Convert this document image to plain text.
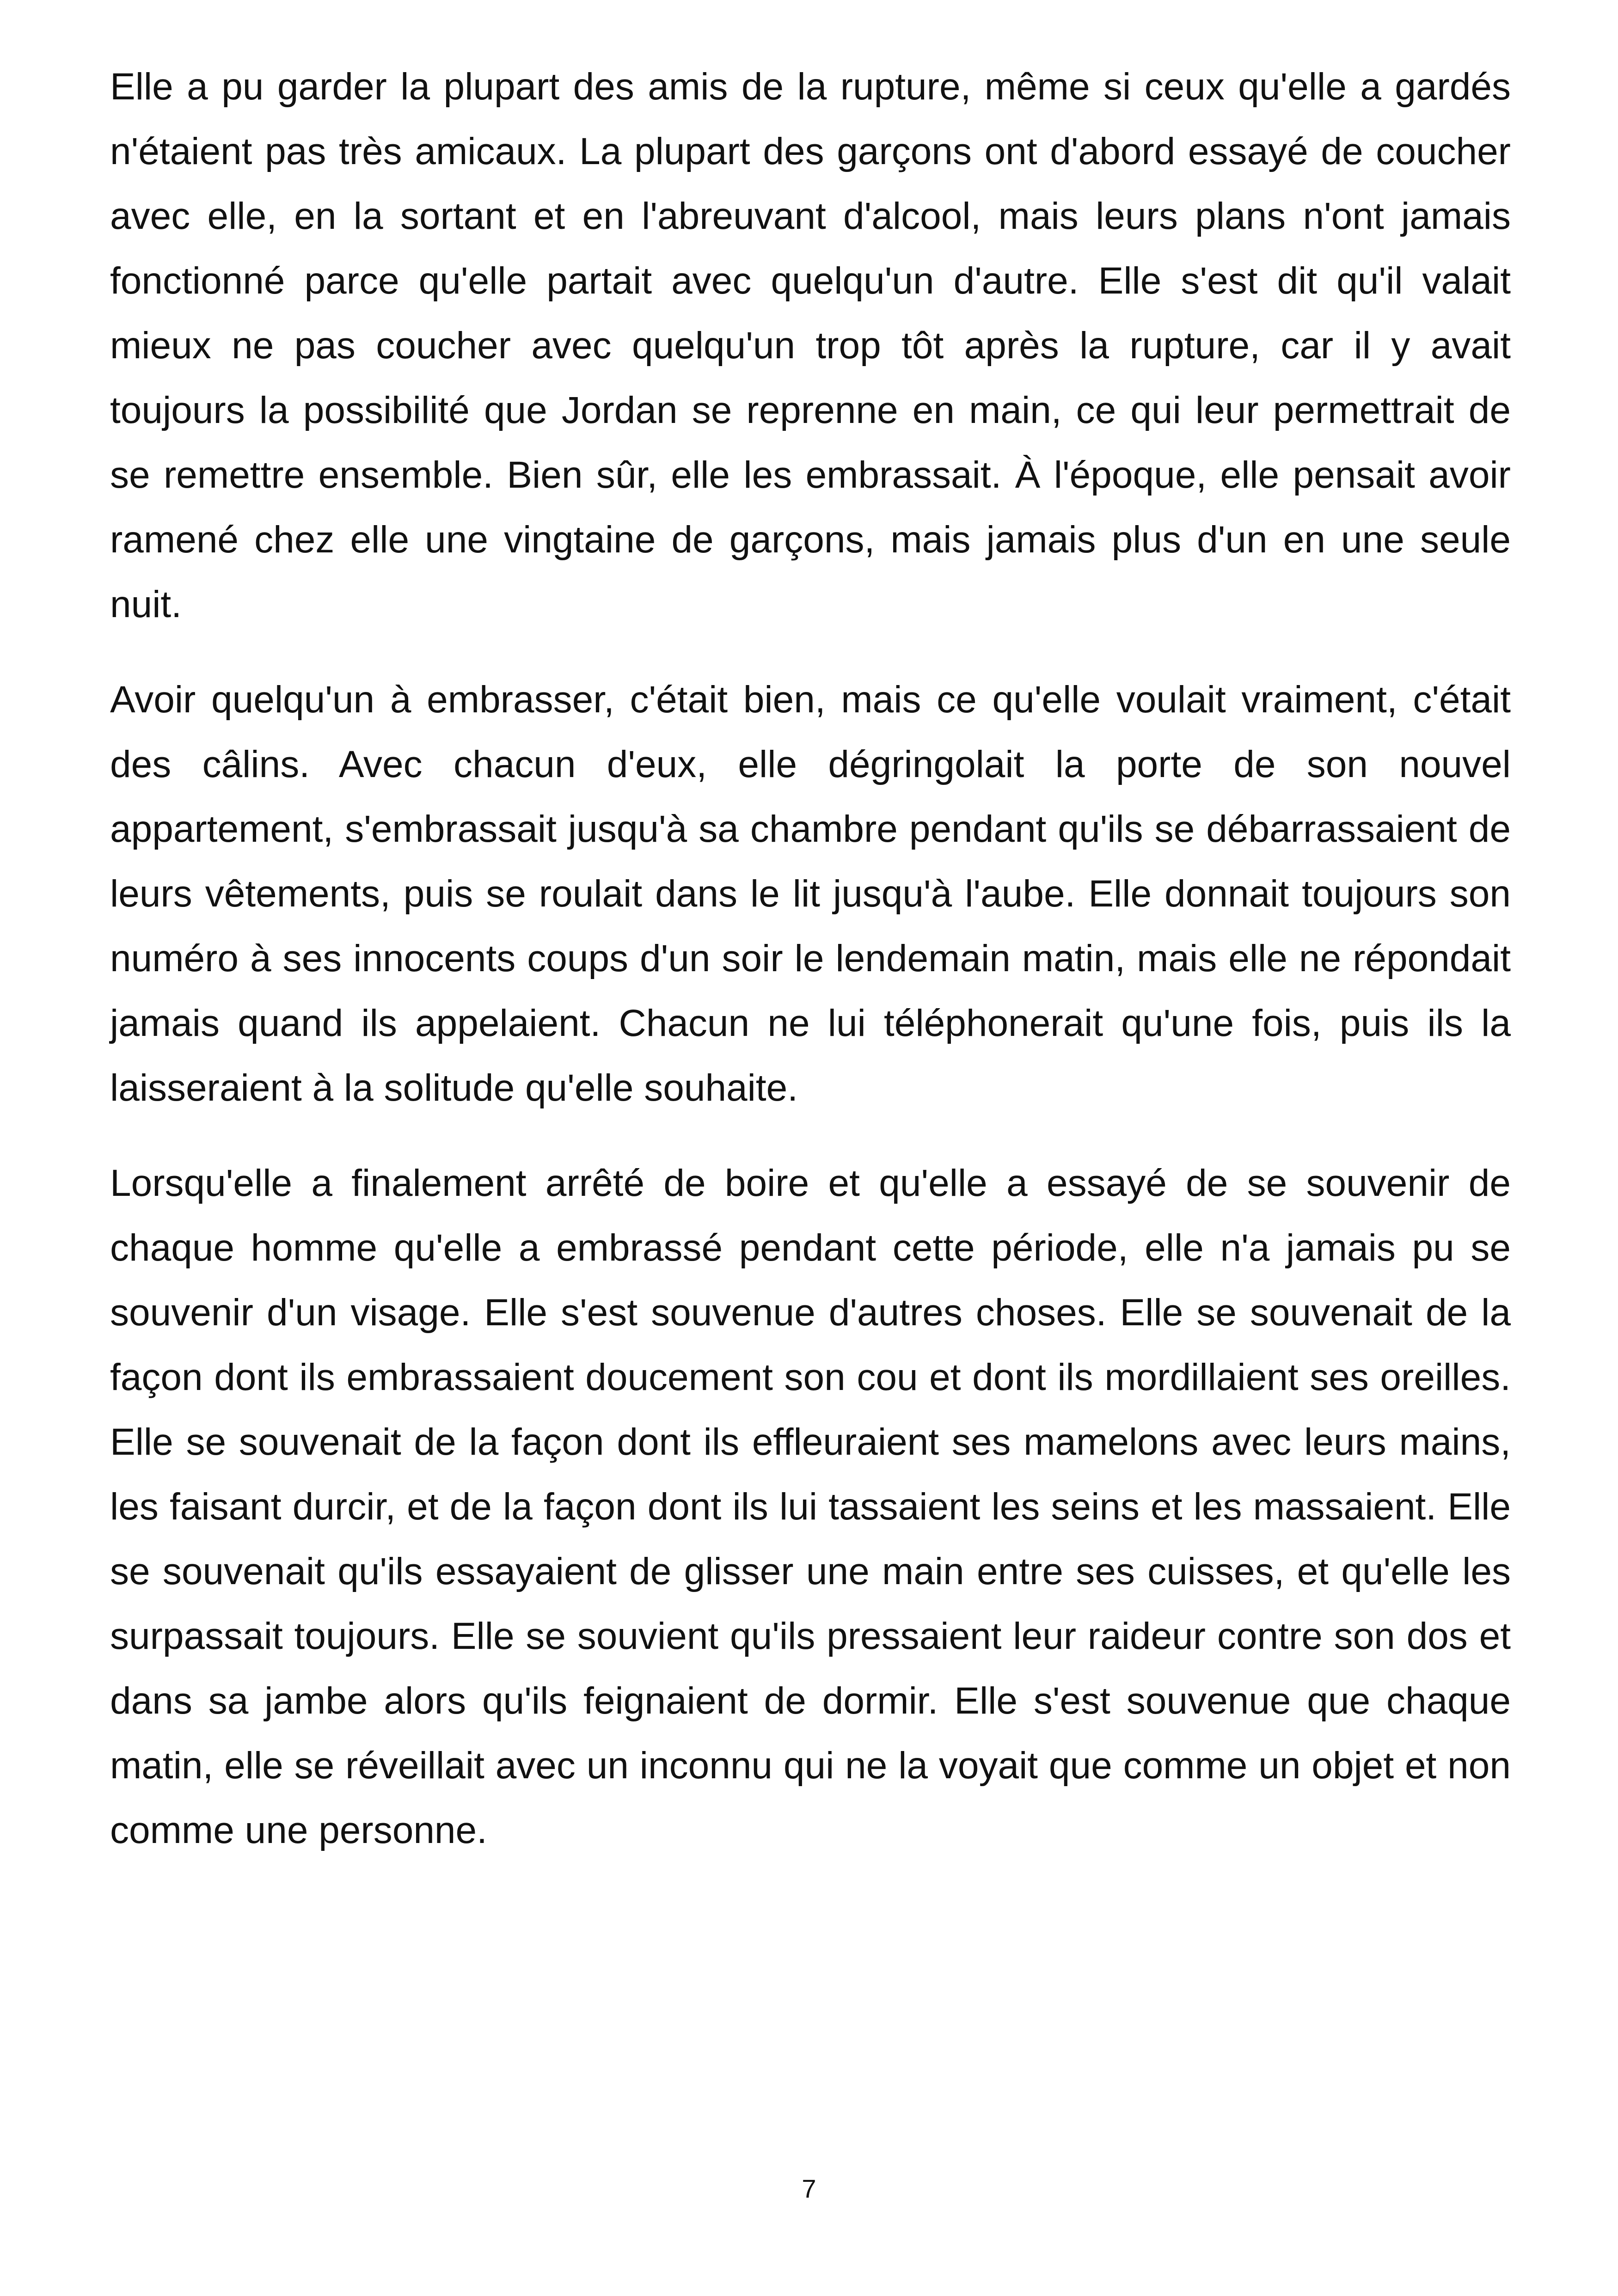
Elle a pu garder la plupart des amis de la rupture, même si ceux qu'elle a gardés n'étaient pas très amicaux. La plupart des garçons ont d'abord essayé de coucher avec elle, en la sortant et en l'abreuvant d'alcool, mais leurs plans n'ont jamais fonctionné parce qu'elle partait avec quelqu'un d'autre. Elle s'est dit qu'il valait mieux ne pas coucher avec quelqu'un trop tôt après la rupture, car il y avait toujours la possibilité que Jordan se reprenne en main, ce qui leur permettrait de se remettre ensemble. Bien sûr, elle les embrassait. À l'époque, elle pensait avoir ramené chez elle une vingtaine de garçons, mais jamais plus d'un en une seule nuit.

Avoir quelqu'un à embrasser, c'était bien, mais ce qu'elle voulait vraiment, c'était des câlins. Avec chacun d'eux, elle dégringolait la porte de son nouvel appartement, s'embrassait jusqu'à sa chambre pendant qu'ils se débarrassaient de leurs vêtements, puis se roulait dans le lit jusqu'à l'aube. Elle donnait toujours son numéro à ses innocents coups d'un soir le lendemain matin, mais elle ne répondait jamais quand ils appelaient. Chacun ne lui téléphonerait qu'une fois, puis ils la laisseraient à la solitude qu'elle souhaite.

Lorsqu'elle a finalement arrêté de boire et qu'elle a essayé de se souvenir de chaque homme qu'elle a embrassé pendant cette période, elle n'a jamais pu se souvenir d'un visage. Elle s'est souvenue d'autres choses. Elle se souvenait de la façon dont ils embrassaient doucement son cou et dont ils mordillaient ses oreilles. Elle se souvenait de la façon dont ils effleuraient ses mamelons avec leurs mains, les faisant durcir, et de la façon dont ils lui tassaient les seins et les massaient. Elle se souvenait qu'ils essayaient de glisser une main entre ses cuisses, et qu'elle les surpassait toujours. Elle se souvient qu'ils pressaient leur raideur contre son dos et dans sa jambe alors qu'ils feignaient de dormir. Elle s'est souvenue que chaque matin, elle se réveillait avec un inconnu qui ne la voyait que comme un objet et non comme une personne.

7
